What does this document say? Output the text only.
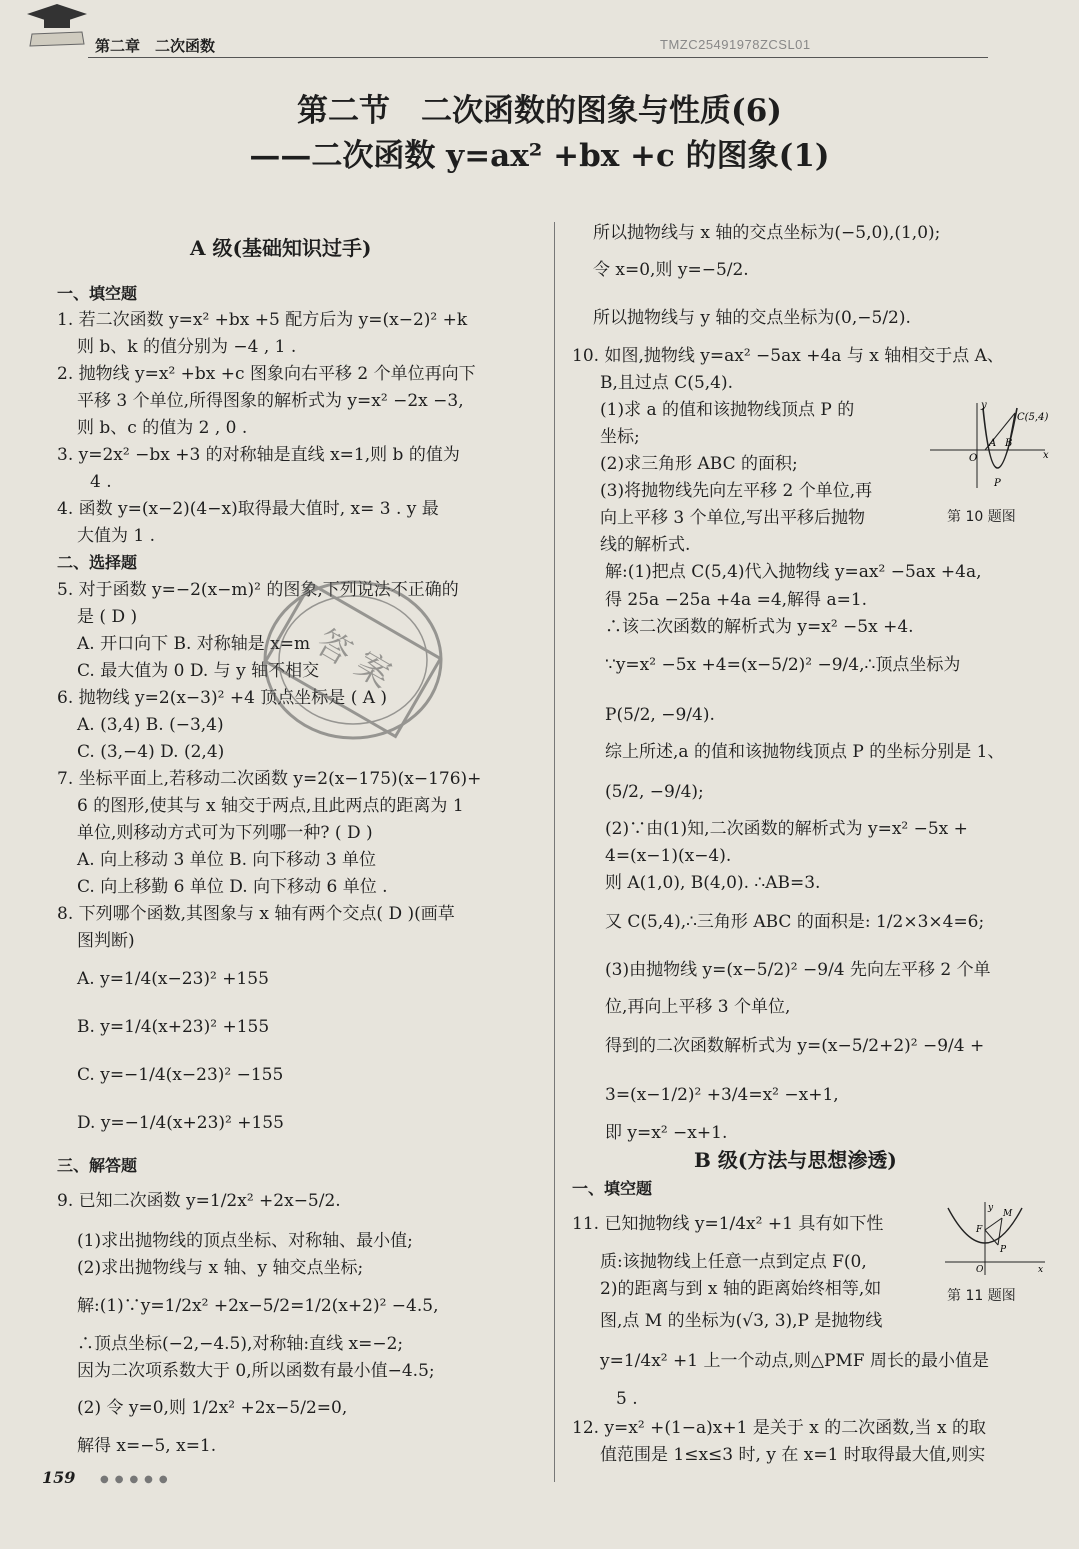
第二章　二次函数	TMZC25491978ZCSL01
第二节　二次函数的图象与性质(6)
——二次函数 y=ax² +bx +c 的图象(1)
A 级(基础知识过手)
一、填空题
1. 若二次函数 y=x² +bx +5 配方后为 y=(x−2)² +k
则 b、k 的值分别为 −4 , 1 .
2. 抛物线 y=x² +bx +c 图象向右平移 2 个单位再向下
平移 3 个单位,所得图象的解析式为 y=x² −2x −3,
则 b、c 的值为 2 , 0 .
3. y=2x² −bx +3 的对称轴是直线 x=1,则 b 的值为
4 .
4. 函数 y=(x−2)(4−x)取得最大值时, x= 3 . y 最
大值为 1 .
二、选择题
5. 对于函数 y=−2(x−m)² 的图象,下列说法不正确的
是 ( D )
A. 开口向下 B. 对称轴是 x=m
C. 最大值为 0 D. 与 y 轴不相交
6. 抛物线 y=2(x−3)² +4 顶点坐标是 ( A )
A. (3,4) B. (−3,4)
C. (3,−4) D. (2,4)
7. 坐标平面上,若移动二次函数 y=2(x−175)(x−176)+
6 的图形,使其与 x 轴交于两点,且此两点的距离为 1
单位,则移动方式可为下列哪一种? ( D )
A. 向上移动 3 单位 B. 向下移动 3 单位
C. 向上移勤 6 单位 D. 向下移动 6 单位 .
8. 下列哪个函数,其图象与 x 轴有两个交点( D )(画草
图判断)
A. y=1/4(x−23)² +155
B. y=1/4(x+23)² +155
C. y=−1/4(x−23)² −155
D. y=−1/4(x+23)² +155
三、解答题
9. 已知二次函数 y=1/2x² +2x−5/2.
(1)求出抛物线的顶点坐标、对称轴、最小值;
(2)求出抛物线与 x 轴、y 轴交点坐标;
解:(1)∵y=1/2x² +2x−5/2=1/2(x+2)² −4.5,
∴顶点坐标(−2,−4.5),对称轴:直线 x=−2;
因为二次项系数大于 0,所以函数有最小值−4.5;
(2) 令 y=0,则 1/2x² +2x−5/2=0,
解得 x=−5, x=1.
答 案
所以抛物线与 x 轴的交点坐标为(−5,0),(1,0);
令 x=0,则 y=−5/2.
所以抛物线与 y 轴的交点坐标为(0,−5/2).
10. 如图,抛物线 y=ax² −5ax +4a 与 x 轴相交于点 A、
B,且过点 C(5,4).
(1)求 a 的值和该抛物线顶点 P 的
坐标;
(2)求三角形 ABC 的面积;
(3)将抛物线先向左平移 2 个单位,再
向上平移 3 个单位,写出平移后抛物
线的解析式.
O	x
y
A B
P
C(5,4)
第 10 题图
解:(1)把点 C(5,4)代入抛物线 y=ax² −5ax +4a,
得 25a −25a +4a =4,解得 a=1.
∴该二次函数的解析式为 y=x² −5x +4.
∵y=x² −5x +4=(x−5/2)² −9/4,∴顶点坐标为
P(5/2, −9/4).
综上所述,a 的值和该抛物线顶点 P 的坐标分别是 1、
(5/2, −9/4);
(2)∵由(1)知,二次函数的解析式为 y=x² −5x +
4=(x−1)(x−4).
则 A(1,0), B(4,0). ∴AB=3.
又 C(5,4),∴三角形 ABC 的面积是: 1/2×3×4=6;
(3)由抛物线 y=(x−5/2)² −9/4 先向左平移 2 个单
位,再向上平移 3 个单位,
得到的二次函数解析式为 y=(x−5/2+2)² −9/4 +
3=(x−1/2)² +3/4=x² −x+1,
即 y=x² −x+1.
B 级(方法与思想渗透)
一、填空题
11. 已知抛物线 y=1/4x² +1 具有如下性
质:该抛物线上任意一点到定点 F(0,
2)的距离与到 x 轴的距离始终相等,如
图,点 M 的坐标为(√3, 3),P 是抛物线
y=1/4x² +1 上一个动点,则△PMF 周长的最小值是
5 .
12. y=x² +(1−a)x+1 是关于 x 的二次函数,当 x 的取
值范围是 1≤x≤3 时, y 在 x=1 时取得最大值,则实
M
F
P
O	x
y
第 11 题图
159 ●●●●●
